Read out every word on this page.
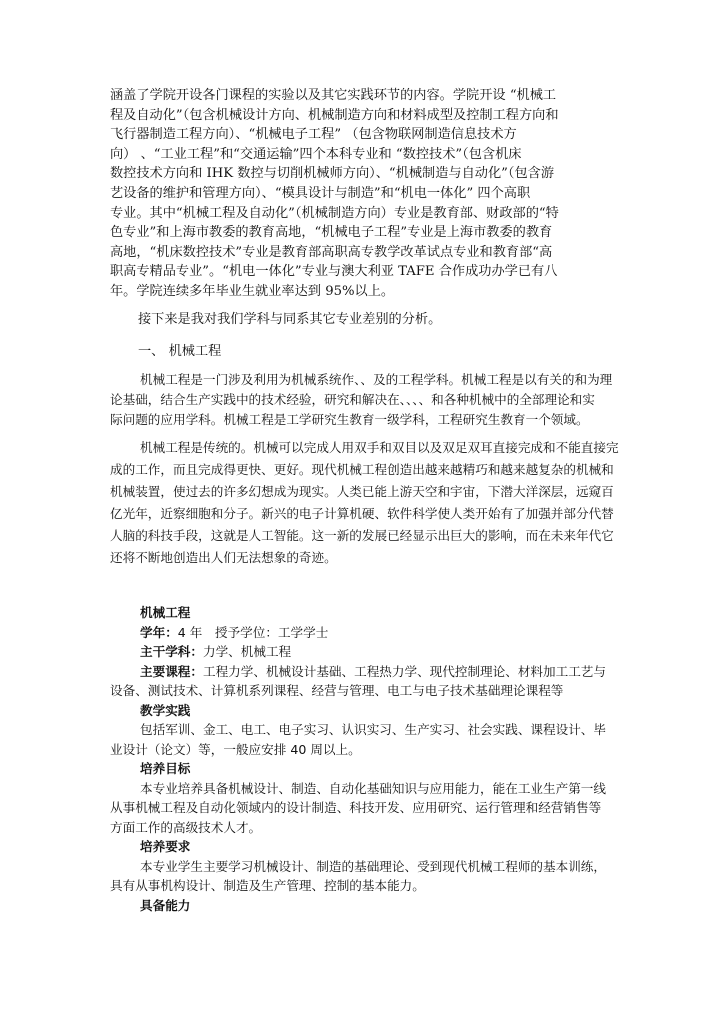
涵盖了学院开设各门课程的实验以及其它实践环节的内容。学院开设 “机械工
程及自动化”（包含机械设计方向、机械制造方向和材料成型及控制工程方向和
飞行器制造工程方向）、“机械电子工程” （包含物联网制造信息技术方
向） 、“工业工程”和“交通运输”四个本科专业和 “数控技术”（包含机床
数控技术方向和 IHK 数控与切削机械师方向）、“机械制造与自动化”（包含游
艺设备的维护和管理方向）、“模具设计与制造”和“机电一体化” 四个高职
专业。其中“机械工程及自动化”（机械制造方向）专业是教育部、财政部的“特
色专业”和上海市教委的教育高地，“机械电子工程”专业是上海市教委的教育
高地，“机床数控技术”专业是教育部高职高专教学改革试点专业和教育部“高
职高专精品专业”。“机电一体化”专业与澳大利亚 TAFE 合作成功办学已有八
年。学院连续多年毕业生就业率达到 95%以上。
接下来是我对我们学科与同系其它专业差别的分析。
一、 机械工程
机械工程是一门涉及利用为机械系统作、、及的工程学科。机械工程是以有关的和为理
论基础，结合生产实践中的技术经验，研究和解决在、、、、和各种机械中的全部理论和实
际问题的应用学科。机械工程是工学研究生教育一级学科，工程研究生教育一个领域。
机械工程是传统的。机械可以完成人用双手和双目以及双足双耳直接完成和不能直接完
成的工作，而且完成得更快、更好。现代机械工程创造出越来越精巧和越来越复杂的机械和
机械装置，使过去的许多幻想成为现实。人类已能上游天空和宇宙，下潜大洋深层，远窥百
亿光年，近察细胞和分子。新兴的电子计算机硬、软件科学使人类开始有了加强并部分代替
人脑的科技手段，这就是人工智能。这一新的发展已经显示出巨大的影响，而在未来年代它
还将不断地创造出人们无法想象的奇迹。
机械工程
学年：4 年　授予学位：工学学士
主干学科：力学、机械工程
主要课程：工程力学、机械设计基础、工程热力学、现代控制理论、材料加工工艺与
设备、测试技术、计算机系列课程、经营与管理、电工与电子技术基础理论课程等
教学实践
包括军训、金工、电工、电子实习、认识实习、生产实习、社会实践、课程设计、毕
业设计（论文）等，一般应安排 40 周以上。
培养目标
本专业培养具备机械设计、制造、自动化基础知识与应用能力，能在工业生产第一线
从事机械工程及自动化领域内的设计制造、科技开发、应用研究、运行管理和经营销售等
方面工作的高级技术人才。
培养要求
本专业学生主要学习机械设计、制造的基础理论、受到现代机械工程师的基本训练，
具有从事机构设计、制造及生产管理、控制的基本能力。
具备能力
